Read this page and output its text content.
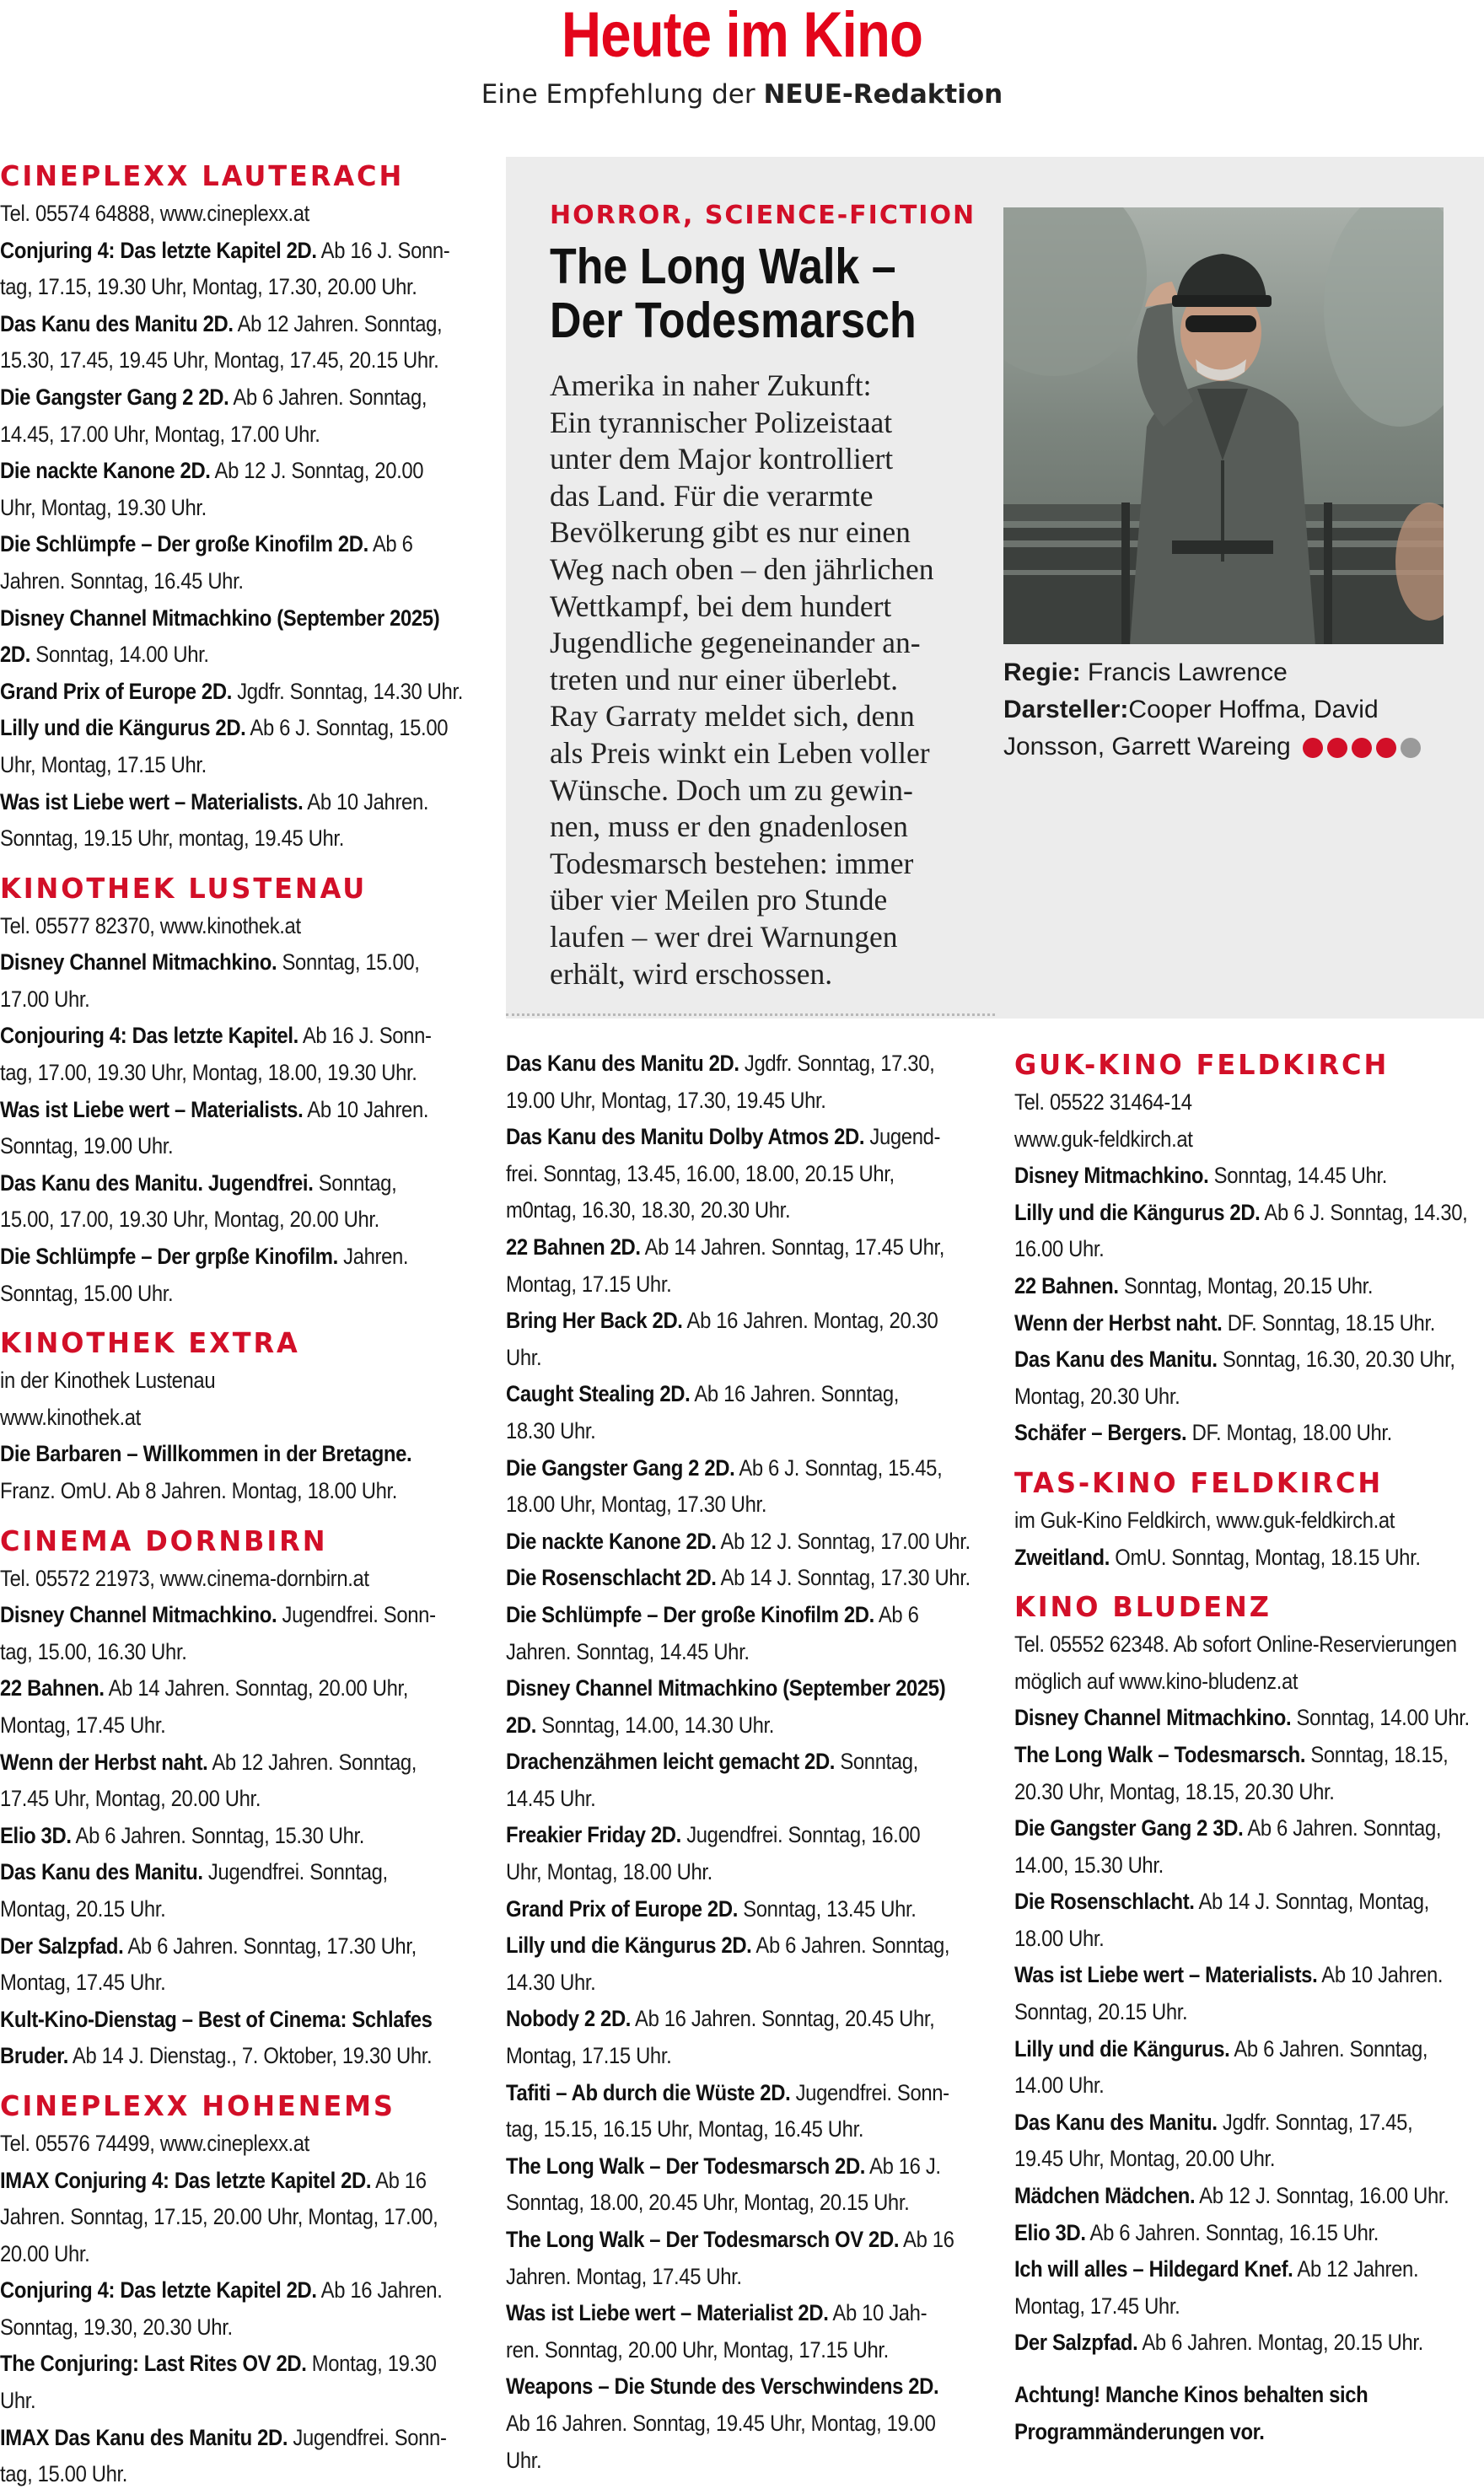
Heute im Kino
Eine Empfehlung der NEUE-Redaktion
CINEPLEXX LAUTERACH
Tel. 05574 64888, www.cineplexx.at
Conjuring 4: Das letzte Kapitel 2D. Ab 16 J. Sonn-
tag, 17.15, 19.30 Uhr, Montag, 17.30, 20.00 Uhr.
Das Kanu des Manitu 2D. Ab 12 Jahren. Sonntag,
15.30, 17.45, 19.45 Uhr, Montag, 17.45, 20.15 Uhr.
Die Gangster Gang 2 2D. Ab 6 Jahren. Sonntag,
14.45, 17.00 Uhr, Montag, 17.00 Uhr.
Die nackte Kanone 2D. Ab 12 J. Sonntag, 20.00
Uhr, Montag, 19.30 Uhr.
Die Schlümpfe – Der große Kinofilm 2D. Ab 6
Jahren. Sonntag, 16.45 Uhr.
Disney Channel Mitmachkino (September 2025)
2D. Sonntag, 14.00 Uhr.
Grand Prix of Europe 2D. Jgdfr. Sonntag, 14.30 Uhr.
Lilly und die Kängurus 2D. Ab 6 J. Sonntag, 15.00
Uhr, Montag, 17.15 Uhr.
Was ist Liebe wert – Materialists. Ab 10 Jahren.
Sonntag, 19.15 Uhr, montag, 19.45 Uhr.
KINOTHEK LUSTENAU
Tel. 05577 82370, www.kinothek.at
Disney Channel Mitmachkino. Sonntag, 15.00,
17.00 Uhr.
Conjouring 4: Das letzte Kapitel. Ab 16 J. Sonn-
tag, 17.00, 19.30 Uhr, Montag, 18.00, 19.30 Uhr.
Was ist Liebe wert – Materialists. Ab 10 Jahren.
Sonntag, 19.00 Uhr.
Das Kanu des Manitu. Jugendfrei. Sonntag,
15.00, 17.00, 19.30 Uhr, Montag, 20.00 Uhr.
Die Schlümpfe – Der grpße Kinofilm. Jahren.
Sonntag, 15.00 Uhr.
KINOTHEK EXTRA
in der Kinothek Lustenau
www.kinothek.at
Die Barbaren – Willkommen in der Bretagne.
Franz. OmU. Ab 8 Jahren. Montag, 18.00 Uhr.
CINEMA DORNBIRN
Tel. 05572 21973, www.cinema-dornbirn.at
Disney Channel Mitmachkino. Jugendfrei. Sonn-
tag, 15.00, 16.30 Uhr.
22 Bahnen. Ab 14 Jahren. Sonntag, 20.00 Uhr,
Montag, 17.45 Uhr.
Wenn der Herbst naht. Ab 12 Jahren. Sonntag,
17.45 Uhr, Montag, 20.00 Uhr.
Elio 3D. Ab 6 Jahren. Sonntag, 15.30 Uhr.
Das Kanu des Manitu. Jugendfrei. Sonntag,
Montag, 20.15 Uhr.
Der Salzpfad. Ab 6 Jahren. Sonntag, 17.30 Uhr,
Montag, 17.45 Uhr.
Kult-Kino-Dienstag – Best of Cinema: Schlafes
Bruder. Ab 14 J. Dienstag., 7. Oktober, 19.30 Uhr.
CINEPLEXX HOHENEMS
Tel. 05576 74499, www.cineplexx.at
IMAX Conjuring 4: Das letzte Kapitel 2D. Ab 16
Jahren. Sonntag, 17.15, 20.00 Uhr, Montag, 17.00,
20.00 Uhr.
Conjuring 4: Das letzte Kapitel 2D. Ab 16 Jahren.
Sonntag, 19.30, 20.30 Uhr.
The Conjuring: Last Rites OV 2D. Montag, 19.30
Uhr.
IMAX Das Kanu des Manitu 2D. Jugendfrei. Sonn-
tag, 15.00 Uhr.
HORROR, SCIENCE-FICTION
The Long Walk –
Der Todesmarsch
Amerika in naher Zukunft:
Ein tyrannischer Polizeistaat
unter dem Major kontrolliert
das Land. Für die verarmte
Bevölkerung gibt es nur einen
Weg nach oben – den jährlichen
Wettkampf, bei dem hundert
Jugendliche gegeneinander an-
treten und nur einer überlebt.
Ray Garraty meldet sich, denn
als Preis winkt ein Leben voller
Wünsche. Doch um zu gewin-
nen, muss er den gnadenlosen
Todesmarsch bestehen: immer
über vier Meilen pro Stunde
laufen – wer drei Warnungen
erhält, wird erschossen.
Regie: Francis Lawrence
Darsteller:Cooper Hoffma, David
Jonsson, Garrett Wareing
Das Kanu des Manitu 2D. Jgdfr. Sonntag, 17.30,
19.00 Uhr, Montag, 17.30, 19.45 Uhr.
Das Kanu des Manitu Dolby Atmos 2D. Jugend-
frei. Sonntag, 13.45, 16.00, 18.00, 20.15 Uhr,
m0ntag, 16.30, 18.30, 20.30 Uhr.
22 Bahnen 2D. Ab 14 Jahren. Sonntag, 17.45 Uhr,
Montag, 17.15 Uhr.
Bring Her Back 2D. Ab 16 Jahren. Montag, 20.30
Uhr.
Caught Stealing 2D. Ab 16 Jahren. Sonntag,
18.30 Uhr.
Die Gangster Gang 2 2D. Ab 6 J. Sonntag, 15.45,
18.00 Uhr, Montag, 17.30 Uhr.
Die nackte Kanone 2D. Ab 12 J. Sonntag, 17.00 Uhr.
Die Rosenschlacht 2D. Ab 14 J. Sonntag, 17.30 Uhr.
Die Schlümpfe – Der große Kinofilm 2D. Ab 6
Jahren. Sonntag, 14.45 Uhr.
Disney Channel Mitmachkino (September 2025)
2D. Sonntag, 14.00, 14.30 Uhr.
Drachenzähmen leicht gemacht 2D. Sonntag,
14.45 Uhr.
Freakier Friday 2D. Jugendfrei. Sonntag, 16.00
Uhr, Montag, 18.00 Uhr.
Grand Prix of Europe 2D. Sonntag, 13.45 Uhr.
Lilly und die Kängurus 2D. Ab 6 Jahren. Sonntag,
14.30 Uhr.
Nobody 2 2D. Ab 16 Jahren. Sonntag, 20.45 Uhr,
Montag, 17.15 Uhr.
Tafiti – Ab durch die Wüste 2D. Jugendfrei. Sonn-
tag, 15.15, 16.15 Uhr, Montag, 16.45 Uhr.
The Long Walk – Der Todesmarsch 2D. Ab 16 J.
Sonntag, 18.00, 20.45 Uhr, Montag, 20.15 Uhr.
The Long Walk – Der Todesmarsch OV 2D. Ab 16
Jahren. Montag, 17.45 Uhr.
Was ist Liebe wert – Materialist 2D. Ab 10 Jah-
ren. Sonntag, 20.00 Uhr, Montag, 17.15 Uhr.
Weapons – Die Stunde des Verschwindens 2D.
Ab 16 Jahren. Sonntag, 19.45 Uhr, Montag, 19.00
Uhr.
GUK-KINO FELDKIRCH
Tel. 05522 31464-14
www.guk-feldkirch.at
Disney Mitmachkino. Sonntag, 14.45 Uhr.
Lilly und die Kängurus 2D. Ab 6 J. Sonntag, 14.30,
16.00 Uhr.
22 Bahnen. Sonntag, Montag, 20.15 Uhr.
Wenn der Herbst naht. DF. Sonntag, 18.15 Uhr.
Das Kanu des Manitu. Sonntag, 16.30, 20.30 Uhr,
Montag, 20.30 Uhr.
Schäfer – Bergers. DF. Montag, 18.00 Uhr.
TAS-KINO FELDKIRCH
im Guk-Kino Feldkirch, www.guk-feldkirch.at
Zweitland. OmU. Sonntag, Montag, 18.15 Uhr.
KINO BLUDENZ
Tel. 05552 62348. Ab sofort Online-Reservierungen
möglich auf www.kino-bludenz.at
Disney Channel Mitmachkino. Sonntag, 14.00 Uhr.
The Long Walk – Todesmarsch. Sonntag, 18.15,
20.30 Uhr, Montag, 18.15, 20.30 Uhr.
Die Gangster Gang 2 3D. Ab 6 Jahren. Sonntag,
14.00, 15.30 Uhr.
Die Rosenschlacht. Ab 14 J. Sonntag, Montag,
18.00 Uhr.
Was ist Liebe wert – Materialists. Ab 10 Jahren.
Sonntag, 20.15 Uhr.
Lilly und die Kängurus. Ab 6 Jahren. Sonntag,
14.00 Uhr.
Das Kanu des Manitu. Jgdfr. Sonntag, 17.45,
19.45 Uhr, Montag, 20.00 Uhr.
Mädchen Mädchen. Ab 12 J. Sonntag, 16.00 Uhr.
Elio 3D. Ab 6 Jahren. Sonntag, 16.15 Uhr.
Ich will alles – Hildegard Knef. Ab 12 Jahren.
Montag, 17.45 Uhr.
Der Salzpfad. Ab 6 Jahren. Montag, 20.15 Uhr.
Achtung! Manche Kinos behalten sich
Programmänderungen vor.
